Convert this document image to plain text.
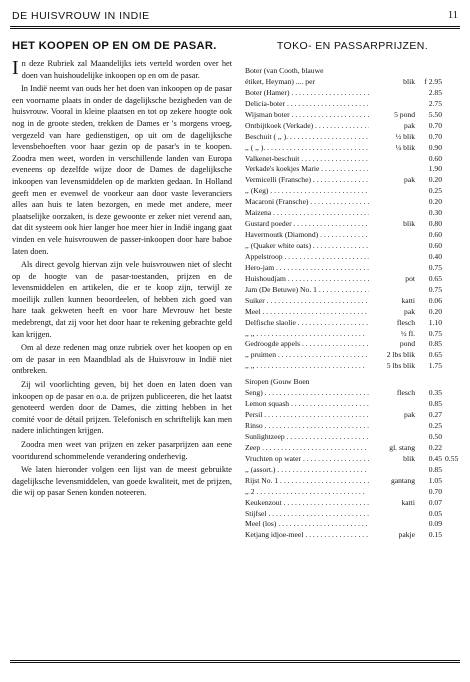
DE HUISVROUW IN INDIE	11
HET KOOPEN OP EN OM DE PASAR.

In deze Rubriek zal Maandelijks iets verteld worden over het doen van huishoudelijke inkoopen op en om de pasar.

In Indië neemt van ouds her het doen van inkoopen op de pasar een voorname plaats in onder de dagelijksche bezigheden van de huisvrouw. Vooral in kleine plaatsen en tot op zekere hoogte ook nog in de groote steden, trekken de Dames er 's morgens vroeg, vergezeld van hare gedienstigen, op uit om de dagelijksche levensbehoeften voor haar gezin op de pasar's in te koopen. Zoodra men weet, worden in verschillende landen van Europa eveneens op dezelfde wijze door de Dames de dagelijksche inkoopen van levensmiddelen op de markten gedaan. In Holland geeft men er evenwel de voorkeur aan door vaste leveranciers alles aan huis te laten bezorgen, en mede met andere, meer plaatselijke oorzaken, is deze gewoonte er zeker niet verend aan, dat dit systeem ook hier langer hoe meer hier in Indië ingang gaat vinden en vele huisvrouwen de passer-inkoopen door hare baboe laten doen.

Als direct gevolg hiervan zijn vele huisvrouwen niet of slecht op de hoogte van de pasar-toestanden, prijzen en de levensmiddelen en artikelen, die er te koop zijn, terwijl ze moeilijk zullen kunnen beoordeelen, of hebben zich goed van hare taak gekweten heeft en voor hare Mevrouw het beste medebrengt, dat zij voor het door haar te rekening gebrachte geld kan krijgen.

Om al deze redenen mag onze rubriek over het koopen op en om de pasar in een Maandblad als de Huisvrouw in Indië niet ontbreken.

Zij wil voorlichting geven, bij het doen en laten doen van inkoopen op de pasar en o.a. de prijzen publiceeren, die het laatst genoteerd werden door de Dames, die zitting hebben in het comité voor de détail prijzen. Telefonisch en schriftelijk kan men nadere inlichtingen krijgen.

Zoodra men weet van prijzen en zeker pasarprijzen aan eene voortdurend schommelende verandering onderhevig.

We laten hieronder volgen een lijst van de meest gebruikte dagelijksche levensmiddelen, van goede kwaliteit, met de prijzen, die wij op pasar Senen konden noteeren.

TOKO- EN PASSARPRIJZEN.
Boter (van Cooth, blauwe
étiket, Heyman) .... per	blik	f 2.95
Boter (Hamer) . . .	2.85
Delicia-boter . . .	2.75
Wijsman boter . . .	5 pond	5.50
Ontbijtkoek (Verkade) . . .	pak	0.70
Beschuit ( ,, ). . . .	½ blik	0.70
,, ( ,, ). . . .	¼ blik	0.90
Valkenet-beschuit . . .	0.60
Verkade's koekjes Marie . . .	1.90
Vermicelli (Fransche) . . .	pak	0.20
,, (Keg) . . .	0.25
Macaroni (Fransche) . . .	0.20
Maizena . . .	0.30
Gustard poeder . . .	blik	0.80
Havermoutk (Diamond) . . .	0.60
,, (Quaker white oats) . . .	0.60
Appelstroop . . .	0.40
Hero-jam . . .	0.75
Huishoudjam . . .	pot	0.65
Jam (De Betuwe) No. 1 . . .	0.75
Suiker . . .	katti	0.06
Meel . . .	pak	0.20
Delfische slaolie . . .	flesch	1.10
,, ,, . . .	½ fl.	0.75
Gedroogde appels . . .	pond	0.85
,, pruimen . . .	2 lbs blik	0.65
,, ,, . . .	5 lbs blik	1.75
Siropen (Gouw Boen
Seng) . . .	flesch	0.35
Lemon squash . . .	0.85
Persil . . .	pak	0.27
Rinso . . .	0.25
Sunlightzeep . . .	0.50
Zeep . . .	gl. stang	0.22
Vruchten op water . . .	blik	0.45 0.55
,, (assort.) . . .	0.85
Rijst No. 1 . . .	gantang	1.05
,, 2 . . .	0.70
Keukenzout . . .	katti	0.07
Stijfsel . . .	0.05
Meel (los) . . .	0.09
Ketjang idjoe-meel . . .	pakje	0.15
